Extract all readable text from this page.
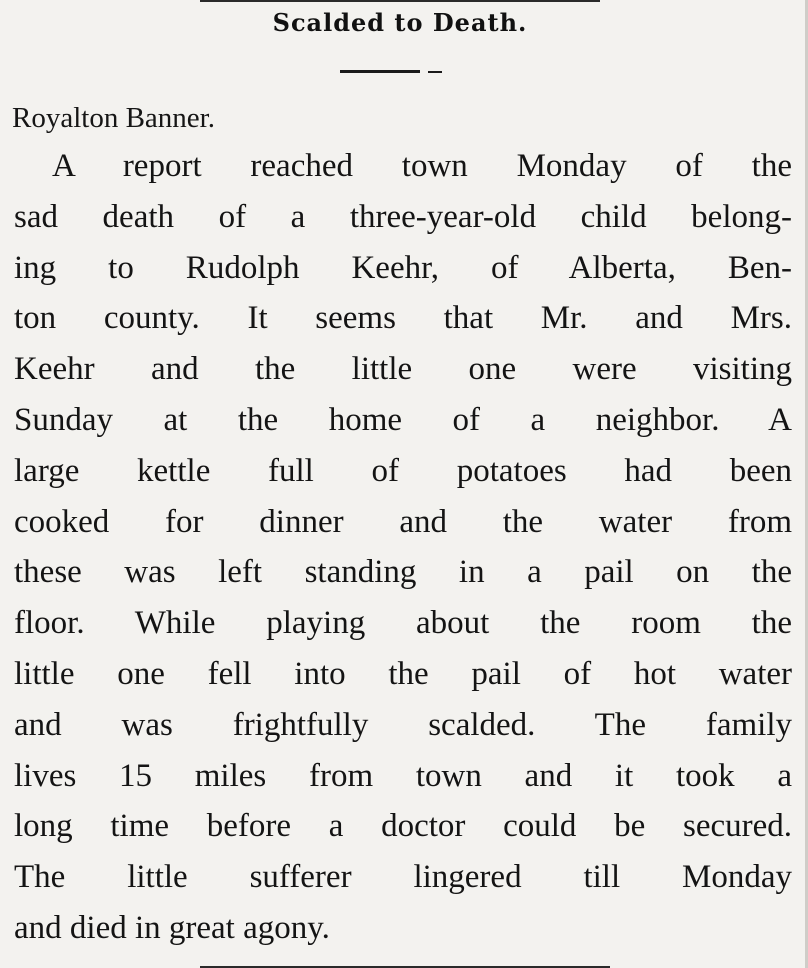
Scalded to Death.
Royalton Banner.
A report reached town Monday of the
sad death of a three-year-old child belong-
ing to Rudolph Keehr, of Alberta, Ben-
ton county. It seems that Mr. and Mrs.
Keehr and the little one were visiting
Sunday at the home of a neighbor. A
large kettle full of potatoes had been
cooked for dinner and the water from
these was left standing in a pail on the
floor. While playing about the room the
little one fell into the pail of hot water
and was frightfully scalded. The family
lives 15 miles from town and it took a
long time before a doctor could be secured.
The little sufferer lingered till Monday
and died in great agony.
